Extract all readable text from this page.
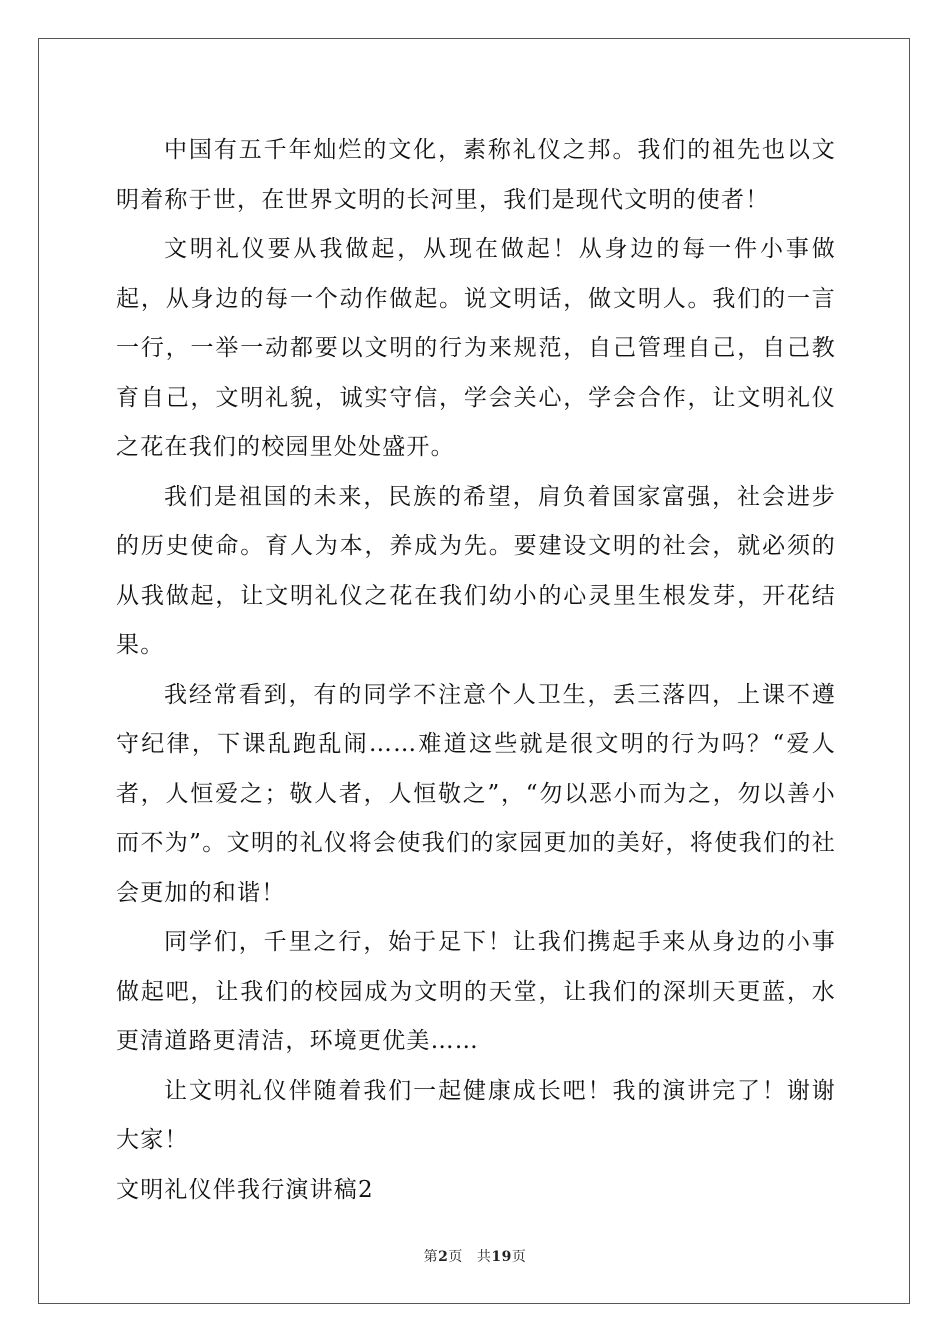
中国有五千年灿烂的文化，素称礼仪之邦。我们的祖先也以文明着称于世，在世界文明的长河里，我们是现代文明的使者！

文明礼仪要从我做起，从现在做起！从身边的每一件小事做起，从身边的每一个动作做起。说文明话，做文明人。我们的一言一行，一举一动都要以文明的行为来规范，自己管理自己，自己教育自己，文明礼貌，诚实守信，学会关心，学会合作，让文明礼仪之花在我们的校园里处处盛开。

我们是祖国的未来，民族的希望，肩负着国家富强，社会进步的历史使命。育人为本，养成为先。要建设文明的社会，就必须的从我做起，让文明礼仪之花在我们幼小的心灵里生根发芽，开花结果。

我经常看到，有的同学不注意个人卫生，丢三落四，上课不遵守纪律，下课乱跑乱闹……难道这些就是很文明的行为吗？“爱人者，人恒爱之；敬人者，人恒敬之”，“勿以恶小而为之，勿以善小而不为”。文明的礼仪将会使我们的家园更加的美好，将使我们的社会更加的和谐！

同学们，千里之行，始于足下！让我们携起手来从身边的小事做起吧，让我们的校园成为文明的天堂，让我们的深圳天更蓝，水更清道路更清洁，环境更优美……

让文明礼仪伴随着我们一起健康成长吧！我的演讲完了！谢谢大家！

文明礼仪伴我行演讲稿2

第2页 共19页
